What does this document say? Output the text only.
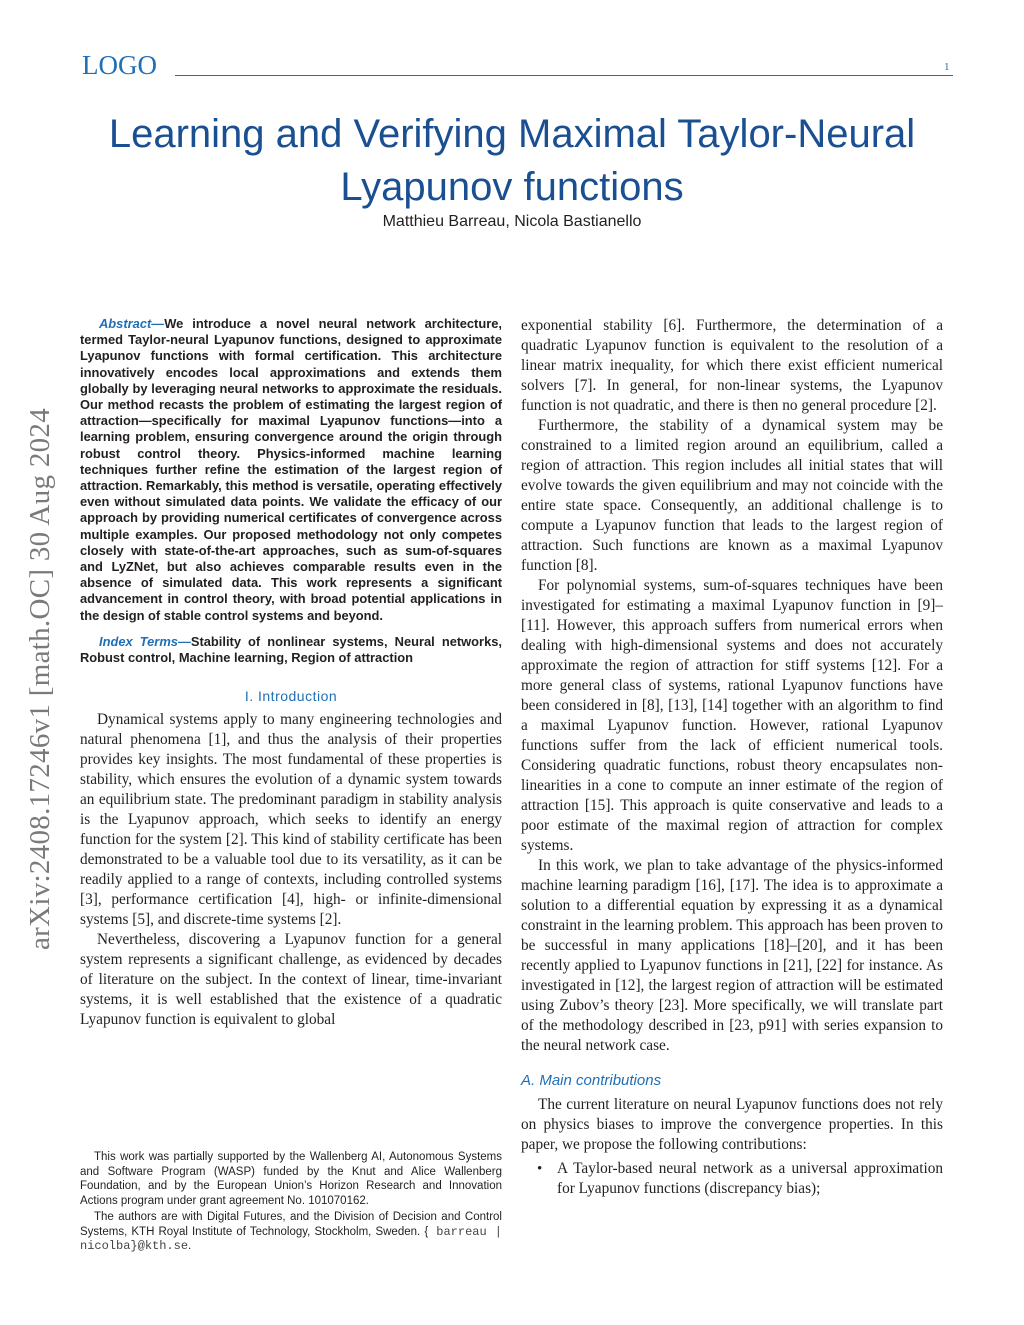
LOGO	1
arXiv:2408.17246v1 [math.OC] 30 Aug 2024
Learning and Verifying Maximal Taylor-Neural Lyapunov functions
Matthieu Barreau, Nicola Bastianello

Abstract—We introduce a novel neural network architecture, termed Taylor-neural Lyapunov functions, designed to approximate Lyapunov functions with formal certification. This architecture innovatively encodes local approximations and extends them globally by leveraging neural networks to approximate the residuals. Our method recasts the problem of estimating the largest region of attraction—specifically for maximal Lyapunov functions—into a learning problem, ensuring convergence around the origin through robust control theory. Physics-informed machine learning techniques further refine the estimation of the largest region of attraction. Remarkably, this method is versatile, operating effectively even without simulated data points. We validate the efficacy of our approach by providing numerical certificates of convergence across multiple examples. Our proposed methodology not only competes closely with state-of-the-art approaches, such as sum-of-squares and LyZNet, but also achieves comparable results even in the absence of simulated data. This work represents a significant advancement in control theory, with broad potential applications in the design of stable control systems and beyond.

Index Terms—Stability of nonlinear systems, Neural networks, Robust control, Machine learning, Region of attraction

I. Introduction

Dynamical systems apply to many engineering technologies and natural phenomena [1], and thus the analysis of their properties provides key insights. The most fundamental of these properties is stability, which ensures the evolution of a dynamic system towards an equilibrium state. The predominant paradigm in stability analysis is the Lyapunov approach, which seeks to identify an energy function for the system [2]. This kind of stability certificate has been demonstrated to be a valuable tool due to its versatility, as it can be readily applied to a range of contexts, including controlled systems [3], performance certification [4], high- or infinite-dimensional systems [5], and discrete-time systems [2].

Nevertheless, discovering a Lyapunov function for a general system represents a significant challenge, as evidenced by decades of literature on the subject. In the context of linear, time-invariant systems, it is well established that the existence of a quadratic Lyapunov function is equivalent to global

This work was partially supported by the Wallenberg AI, Autonomous Systems and Software Program (WASP) funded by the Knut and Alice Wallenberg Foundation, and by the European Union’s Horizon Research and Innovation Actions program under grant agreement No. 101070162.

The authors are with Digital Futures, and the Division of Decision and Control Systems, KTH Royal Institute of Technology, Stockholm, Sweden. { barreau | nicolba}@kth.se.

exponential stability [6]. Furthermore, the determination of a quadratic Lyapunov function is equivalent to the resolution of a linear matrix inequality, for which there exist efficient numerical solvers [7]. In general, for non-linear systems, the Lyapunov function is not quadratic, and there is then no general procedure [2].

Furthermore, the stability of a dynamical system may be constrained to a limited region around an equilibrium, called a region of attraction. This region includes all initial states that will evolve towards the given equilibrium and may not coincide with the entire state space. Consequently, an additional challenge is to compute a Lyapunov function that leads to the largest region of attraction. Such functions are known as a maximal Lyapunov function [8].

For polynomial systems, sum-of-squares techniques have been investigated for estimating a maximal Lyapunov function in [9]–[11]. However, this approach suffers from numerical errors when dealing with high-dimensional systems and does not accurately approximate the region of attraction for stiff systems [12]. For a more general class of systems, rational Lyapunov functions have been considered in [8], [13], [14] together with an algorithm to find a maximal Lyapunov function. However, rational Lyapunov functions suffer from the lack of efficient numerical tools. Considering quadratic functions, robust theory encapsulates non-linearities in a cone to compute an inner estimate of the region of attraction [15]. This approach is quite conservative and leads to a poor estimate of the maximal region of attraction for complex systems.

In this work, we plan to take advantage of the physics-informed machine learning paradigm [16], [17]. The idea is to approximate a solution to a differential equation by expressing it as a dynamical constraint in the learning problem. This approach has been proven to be successful in many applications [18]–[20], and it has been recently applied to Lyapunov functions in [21], [22] for instance. As investigated in [12], the largest region of attraction will be estimated using Zubov’s theory [23]. More specifically, we will translate part of the methodology described in [23, p91] with series expansion to the neural network case.

A. Main contributions

The current literature on neural Lyapunov functions does not rely on physics biases to improve the convergence properties. In this paper, we propose the following contributions:

• A Taylor-based neural network as a universal approximation for Lyapunov functions (discrepancy bias);
